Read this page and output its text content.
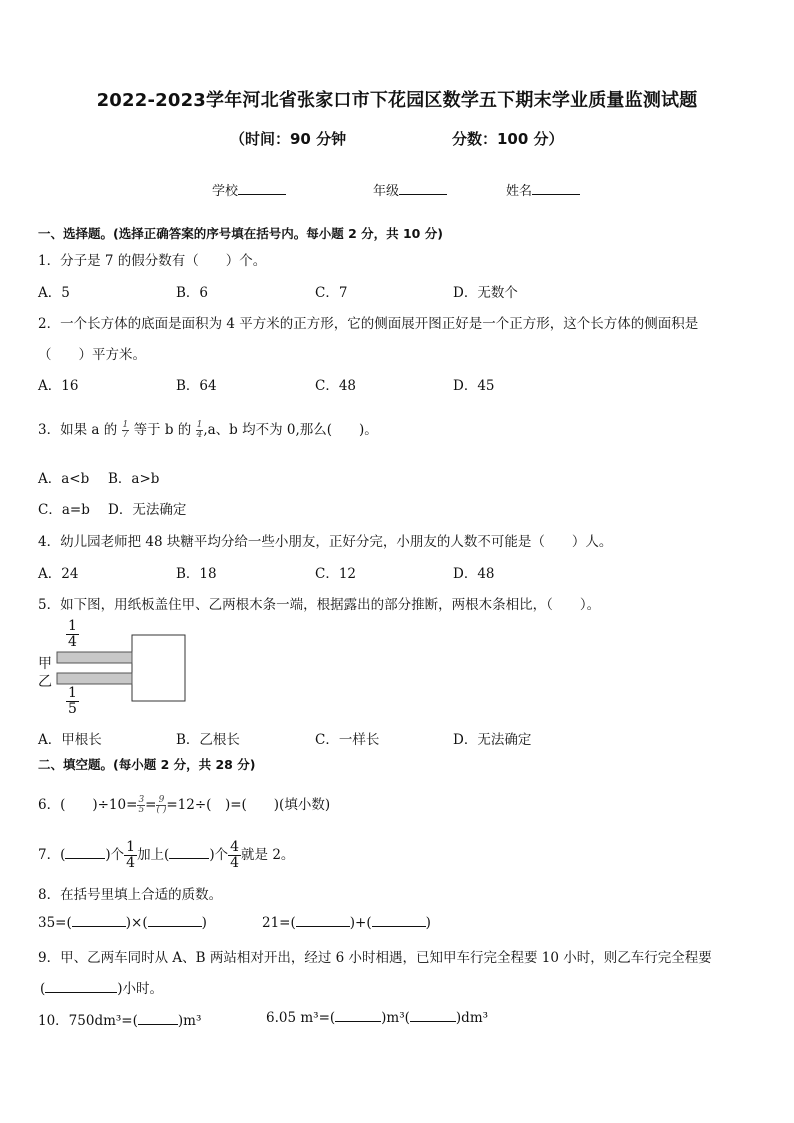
2022-2023学年河北省张家口市下花园区数学五下期末学业质量监测试题
（时间：90 分钟	分数：100 分）
学校	年级	姓名
一、选择题。(选择正确答案的序号填在括号内。每小题 2 分，共 10 分)
1．分子是 7 的假分数有（　　）个。
A．5	B．6	C．7	D．无数个
2．一个长方体的底面是面积为 4 平方米的正方形，它的侧面展开图正好是一个正方形，这个长方体的侧面积是
（　　）平方米。
A．16	B．64	C．48	D．45
3．如果 a 的 $\frac{1}{7}$ 等于 b 的 $\frac{1}{4} ,a$、b 均不为 0,那么(　　)。
A．a<b B．a>b
C．a=b D．无法确定
4．幼儿园老师把 48 块糖平均分给一些小朋友，正好分完，小朋友的人数不可能是（　　）人。
A．24	B．18	C．12	D．48
5．如下图，用纸板盖住甲、乙两根木条一端，根据露出的部分推断，两根木条相比，（　　）。
甲
乙
$\frac{1}{4}$
$\frac{1}{5}$
A．甲根长	B．乙根长	C．一样长	D．无法确定
二、填空题。(每小题 2 分，共 28 分)
6．(　　)$\div 10= \frac{3}{5} = \frac{9}{( )} =12\div$(　)=(　　)(填小数)
7．(	)个 $\frac{1}{4}$ 加上(	)个 $\frac{4}{4}$ 就是 2。
8．在括号里填上合适的质数。
35=(	)×(	)	21=(	)+(	)
9．甲、乙两车同时从 A、B 两站相对开出，经过 6 小时相遇，已知甲车行完全程要 10 小时，则乙车行完全程要
(	)小时。
10．750dm³=(	)m³	6.05 m³=(	)m³(	)dm³
